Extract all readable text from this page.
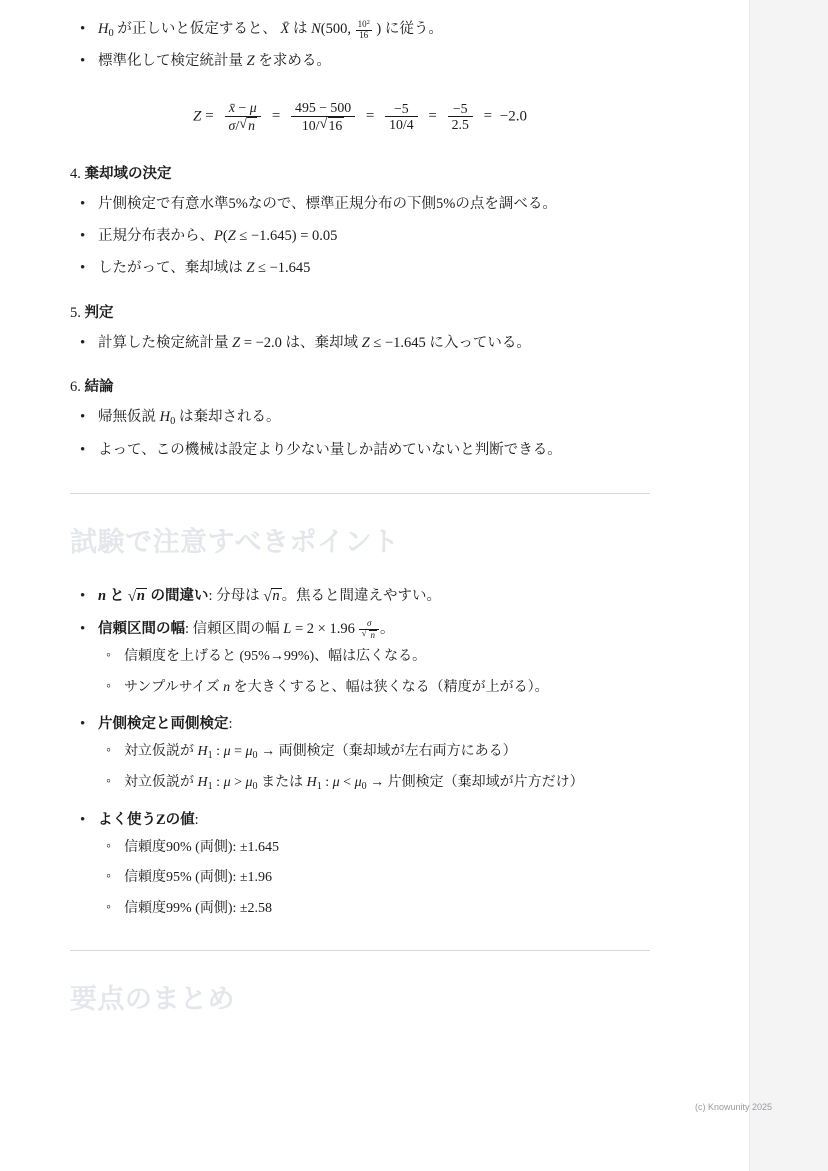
• $H_0$ が正しいと仮定すると、 X̄ は N(500, $\frac{10^2}{16}$ ) に従う。
• 標準化して検定統計量 Z を求める。
$Z = \frac{x̄ - \mu}{\sigma/ √ n} = \frac{495 - 500}{10/ √ 16} = \frac{-5}{10/4} = \frac{-5}{2.5} = -2.0$
4. 棄却域の決定
• 片側検定で有意水準5%なので、標準正規分布の下側5%の点を調べる。
• 正規分布表から、P(Z ≤ −1.645) = 0.05
• したがって、棄却域は Z ≤ −1.645
5. 判定
• 計算した検定統計量 Z = −2.0 は、棄却域 Z ≤ −1.645 に入っている。
6. 結論
• 帰無仮説 $H_0$ は棄却される。
• よって、この機械は設定より少ない量しか詰めていないと判断できる。
試験で注意すべきポイント
• n と √ n の間違い: 分母は √ n 。焦ると間違えやすい。
• 信頼区間の幅: 信頼区間の幅 L = 2 × 1.96 σ
√ n 。
◦ 信頼度を上げると (95%→99%)、幅は広くなる。
◦ サンプルサイズ n を大きくすると、幅は狭くなる（精度が上がる）。
• 片側検定と両側検定:
◦ 対立仮説が $H_1$ : $\mu = \mu_0$ → 両側検定（棄却域が左右両方にある）
◦ 対立仮説が $H_1$ : $\mu > \mu_0$ または $H_1$ : $\mu < \mu_0$ → 片側検定（棄却域が片方だけ）
• よく使うZの値:
◦ 信頼度90% (両側): ±1.645
◦ 信頼度95% (両側): ±1.96
◦ 信頼度99% (両側): ±2.58
要点のまとめ
(c) Knowunity 2025
